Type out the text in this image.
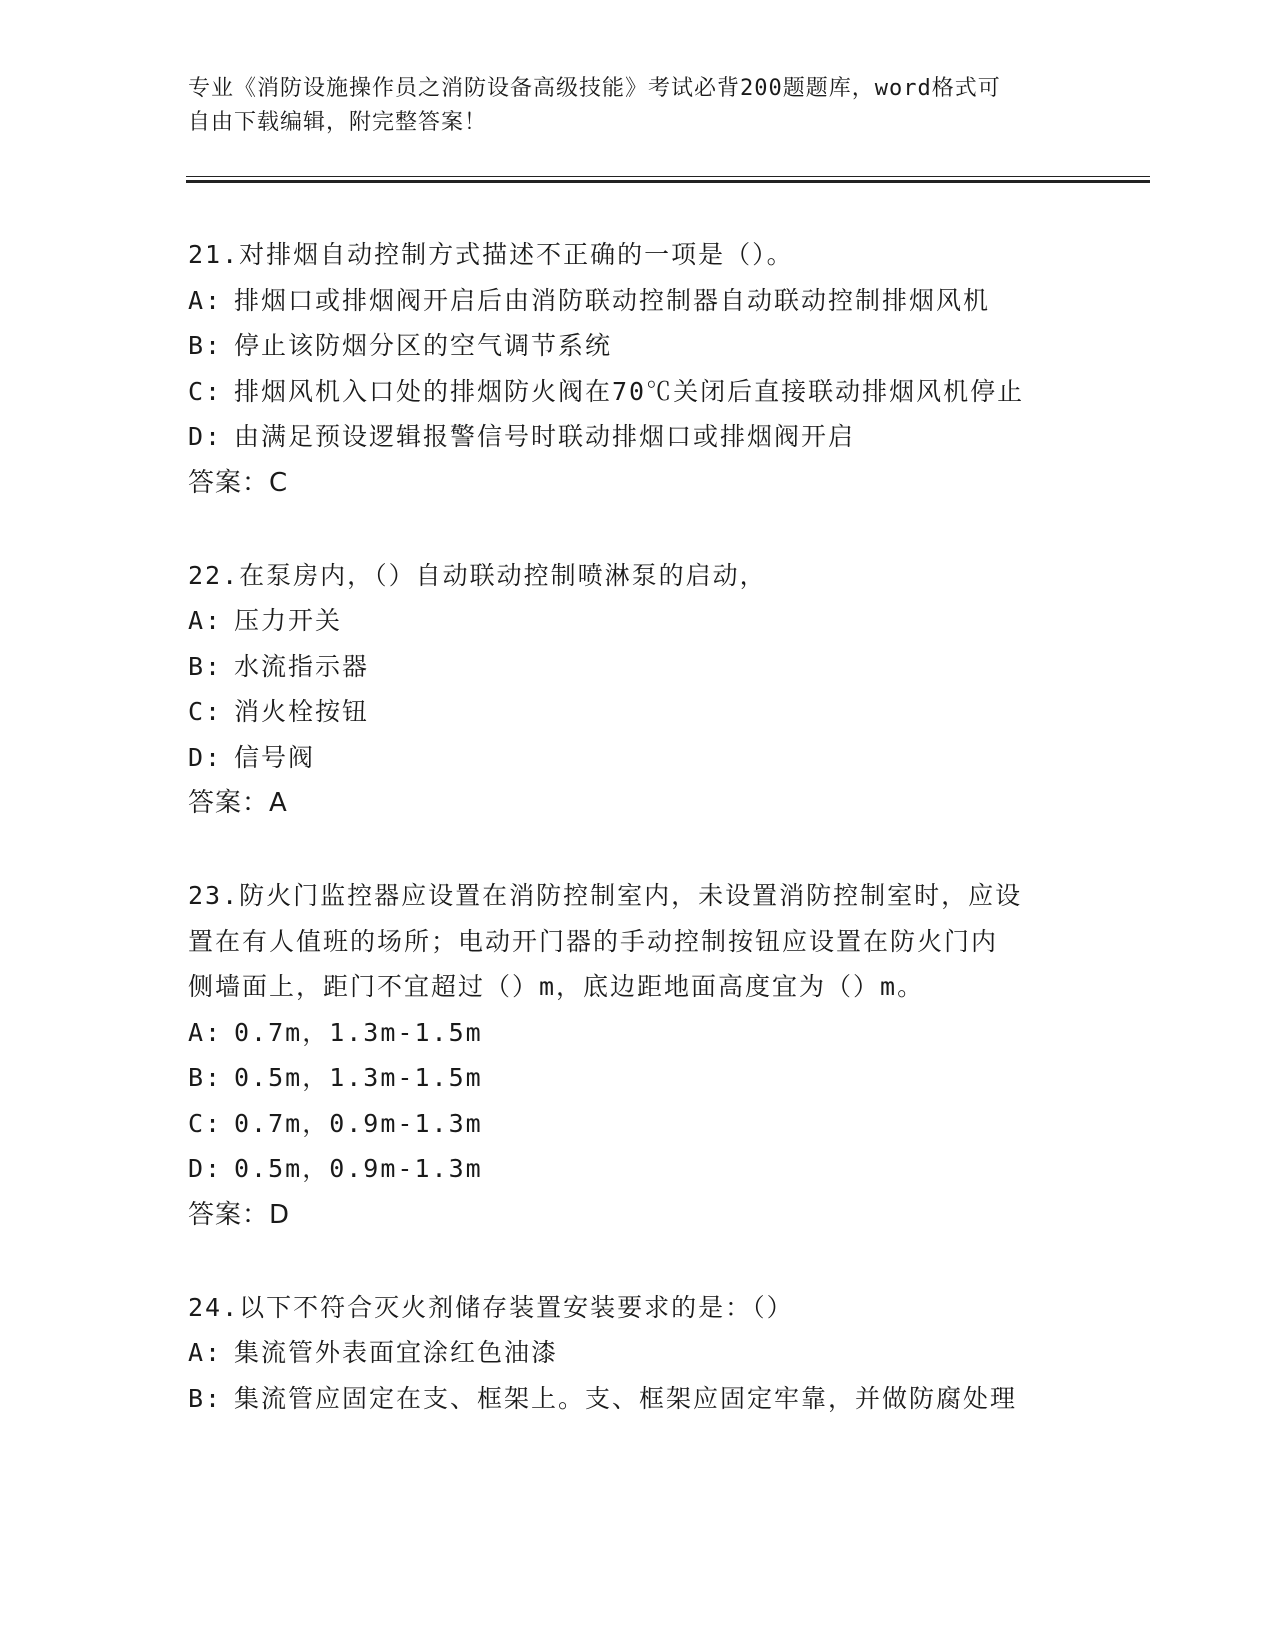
专业《消防设施操作员之消防设备高级技能》考试必背200题题库，word格式可
自由下载编辑，附完整答案！
21.对排烟自动控制方式描述不正确的一项是（）。
A: 排烟口或排烟阀开启后由消防联动控制器自动联动控制排烟风机
B: 停止该防烟分区的空气调节系统
C: 排烟风机入口处的排烟防火阀在70℃关闭后直接联动排烟风机停止
D: 由满足预设逻辑报警信号时联动排烟口或排烟阀开启
答案：C
22.在泵房内，（）自动联动控制喷淋泵的启动，
A: 压力开关
B: 水流指示器
C: 消火栓按钮
D: 信号阀
答案：A
23.防火门监控器应设置在消防控制室内，未设置消防控制室时，应设
置在有人值班的场所；电动开门器的手动控制按钮应设置在防火门内
侧墙面上，距门不宜超过（）m，底边距地面高度宜为（）m。
A: 0.7m，1.3m-1.5m
B: 0.5m，1.3m-1.5m
C: 0.7m，0.9m-1.3m
D: 0.5m，0.9m-1.3m
答案：D
24.以下不符合灭火剂储存装置安装要求的是：（）
A: 集流管外表面宜涂红色油漆
B: 集流管应固定在支、框架上。支、框架应固定牢靠，并做防腐处理
